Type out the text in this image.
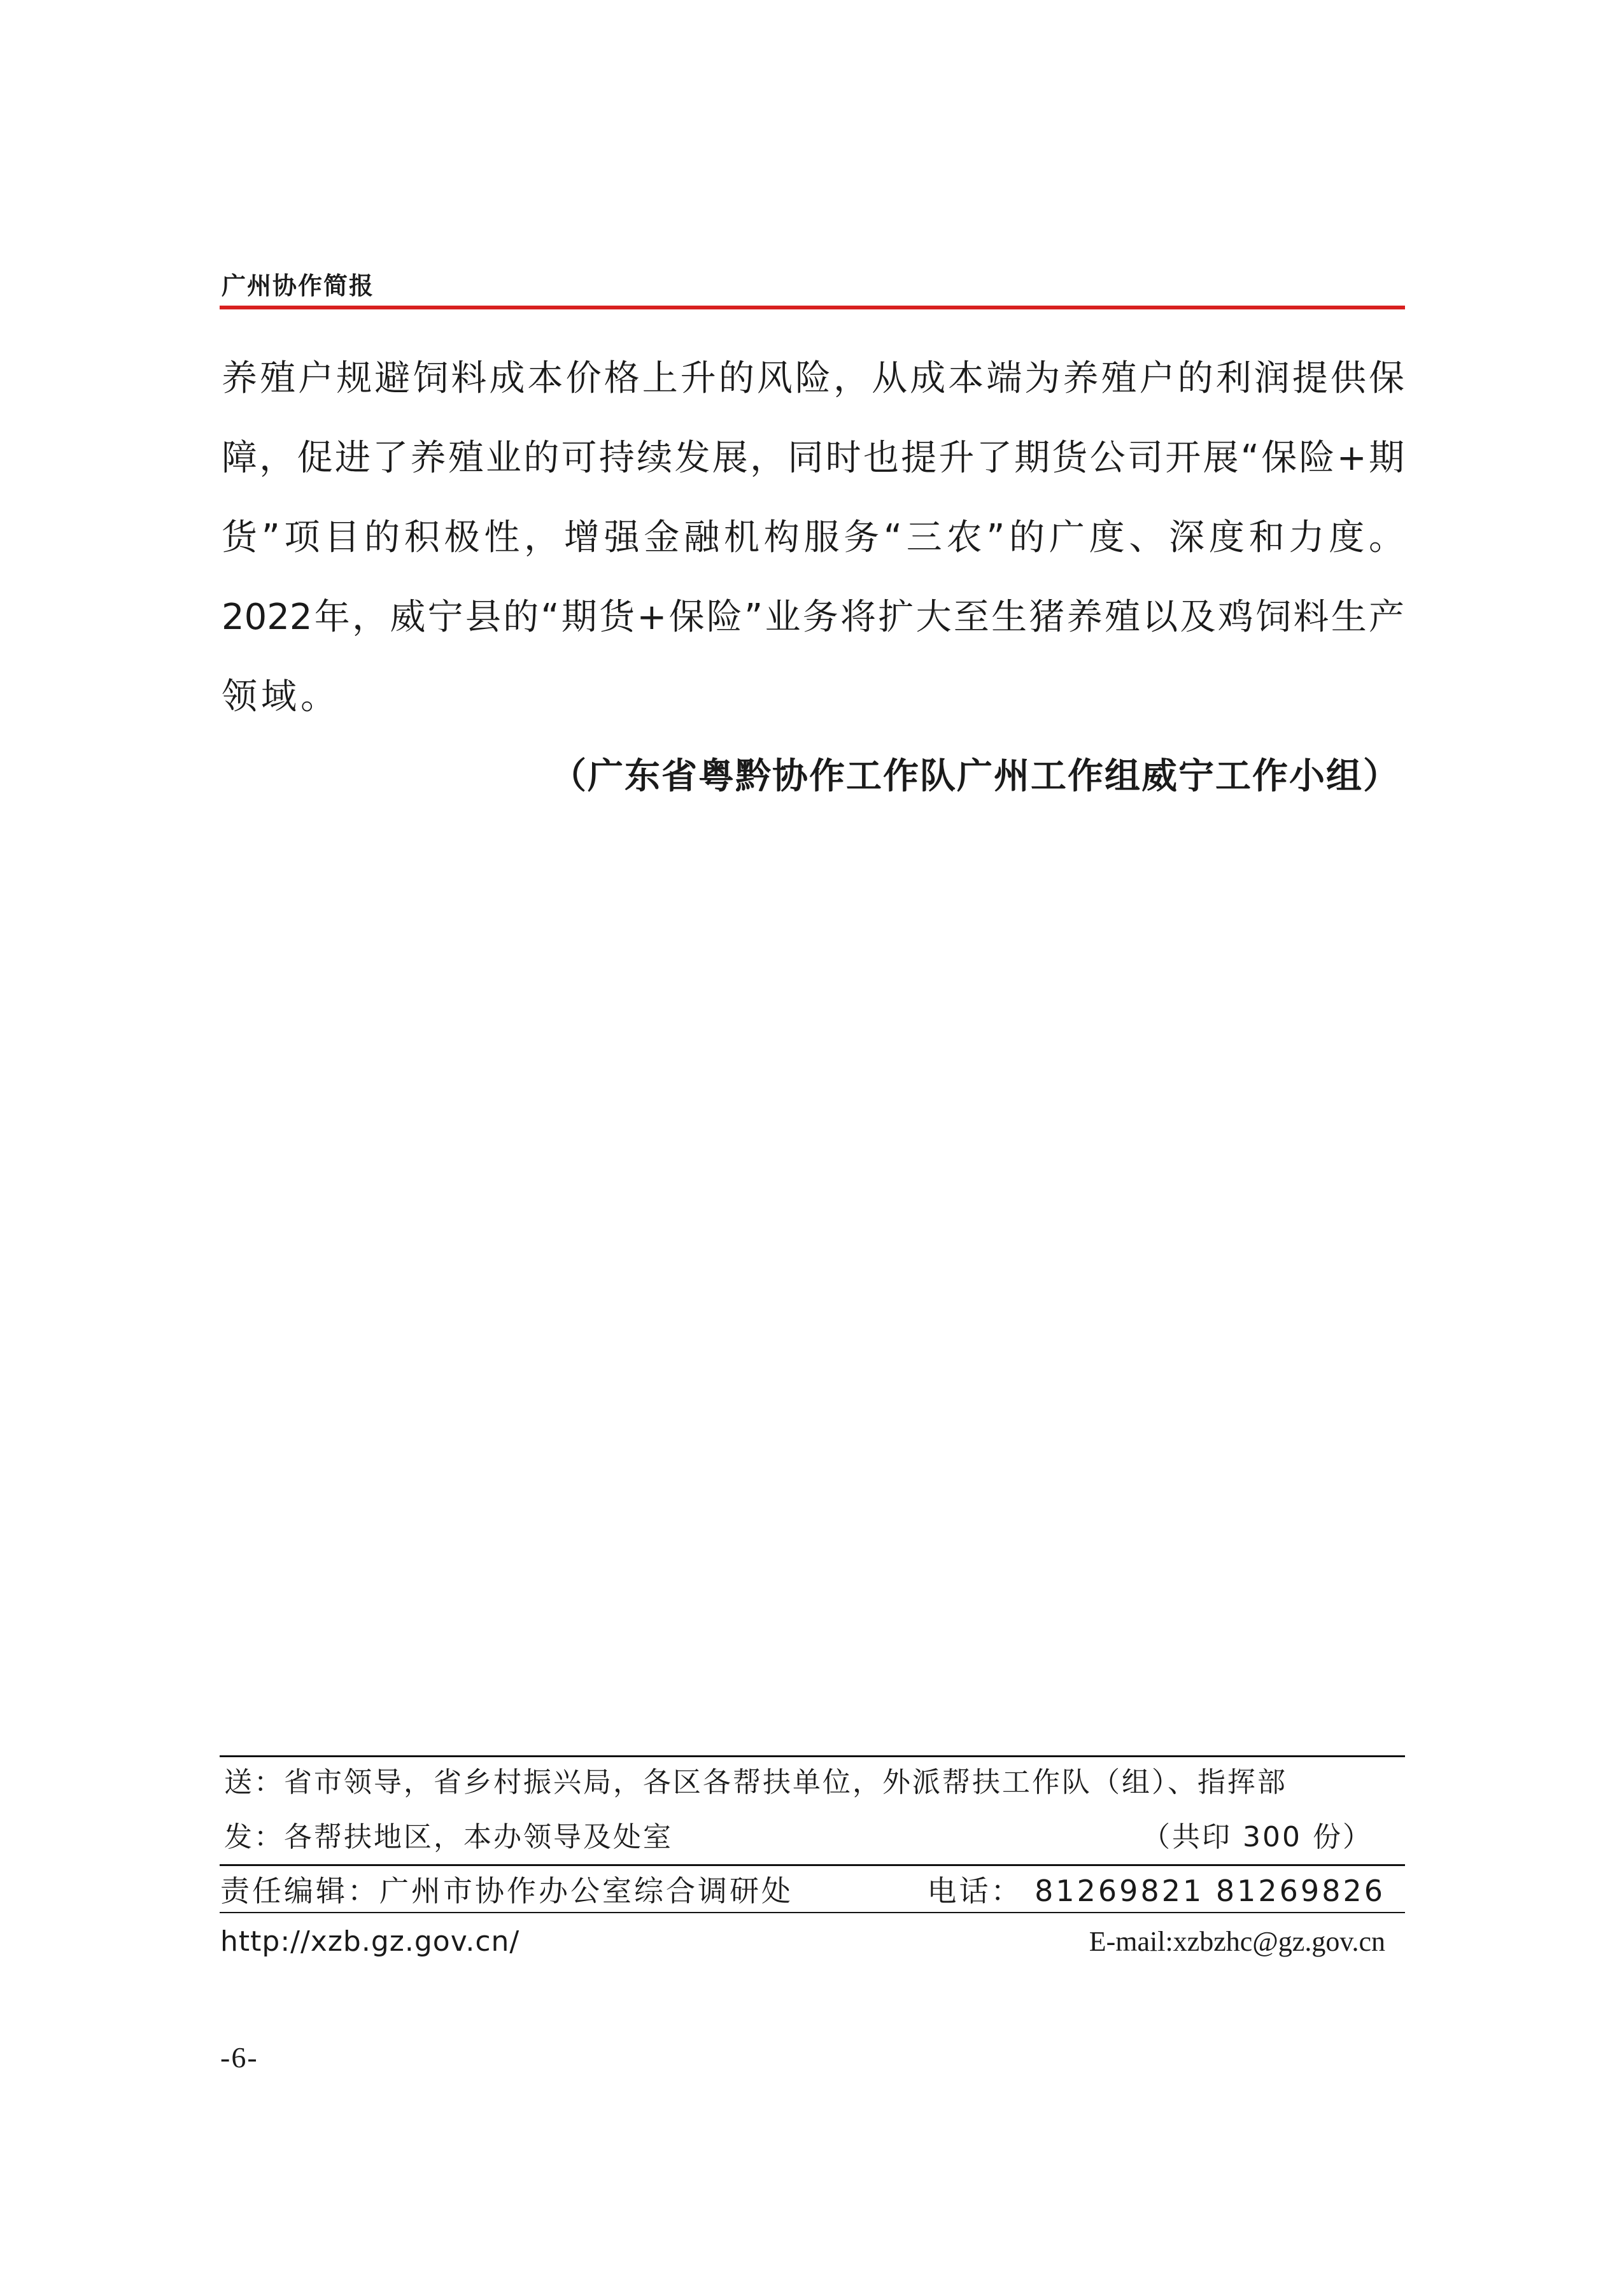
广州协作简报
养殖户规避饲料成本价格上升的风险，从成本端为养殖户的利润提供保
障，促进了养殖业的可持续发展，同时也提升了期货公司开展“保险+期
货”项目的积极性，增强金融机构服务“三农”的广度、深度和力度。
2022年，威宁县的“期货+保险”业务将扩大至生猪养殖以及鸡饲料生产
领域。
（广东省粤黔协作工作队广州工作组威宁工作小组）
送：省市领导，省乡村振兴局，各区各帮扶单位，外派帮扶工作队（组）、指挥部
发：各帮扶地区，本办领导及处室	（共印 300 份）
责任编辑：广州市协作办公室综合调研处	电话： 81269821 81269826
http://xzb.gz.gov.cn/	E-mail:xzbzhc@gz.gov.cn
-6-
